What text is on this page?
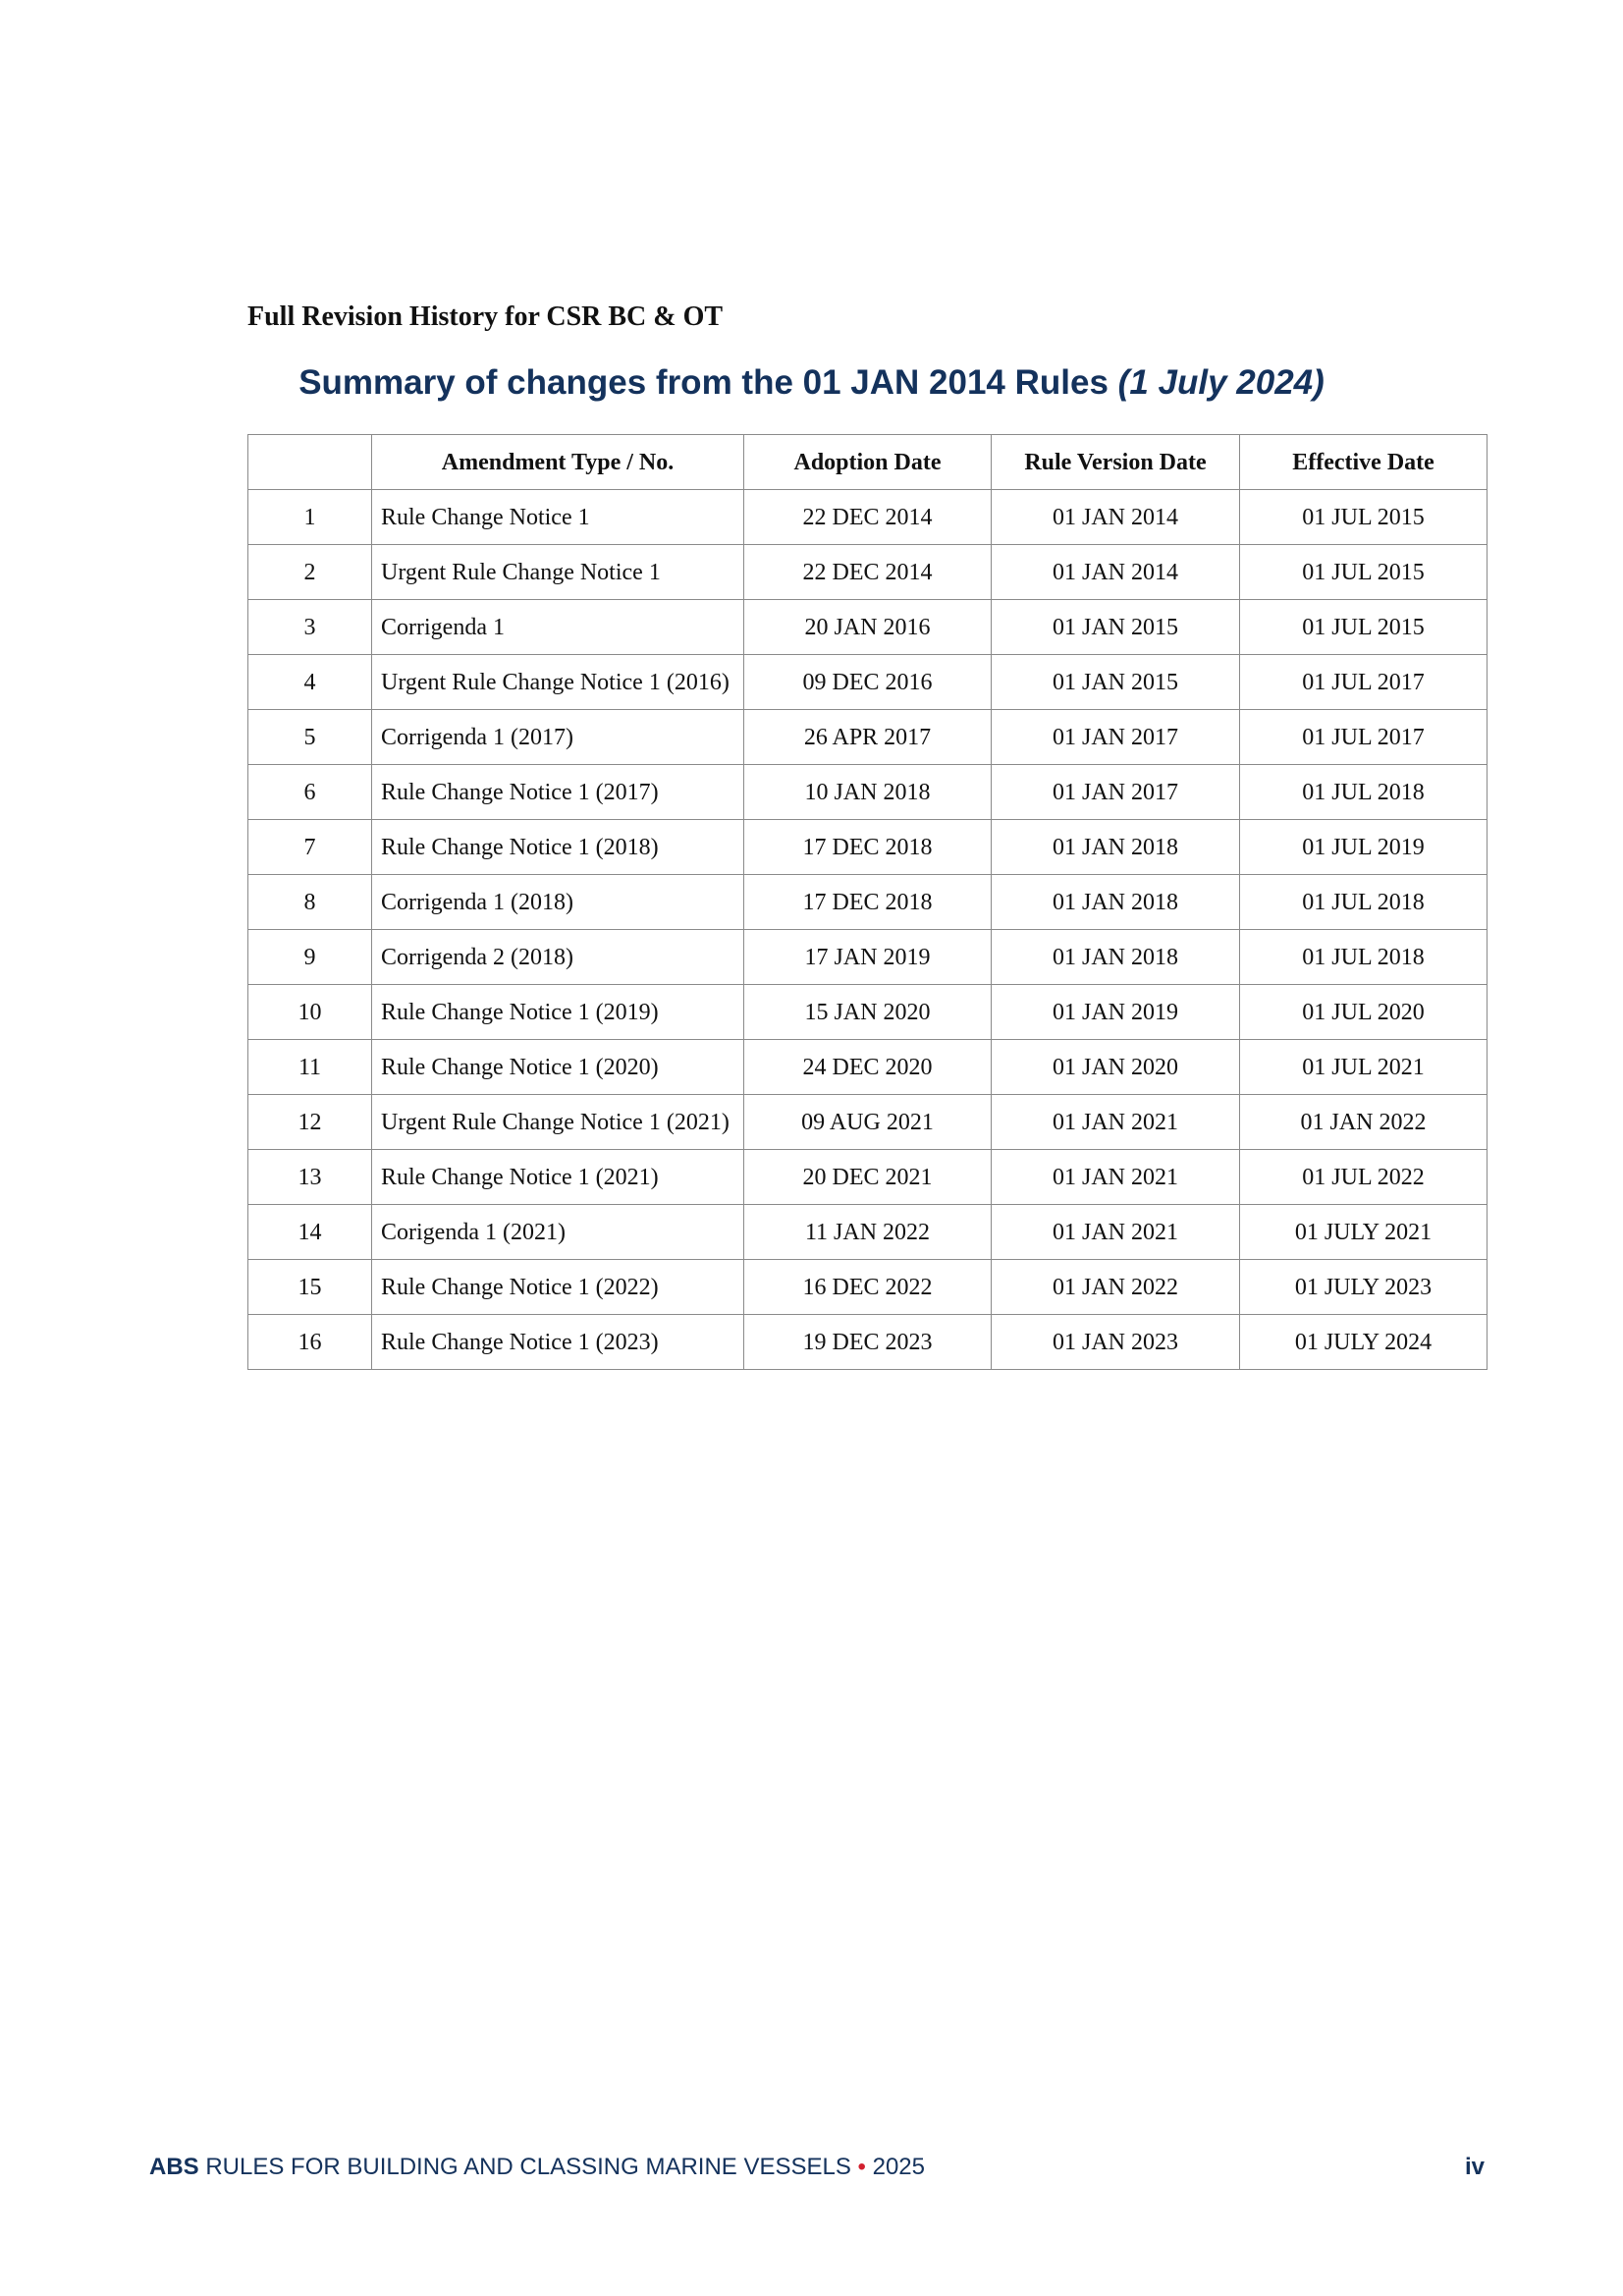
Full Revision History for CSR BC & OT
Summary of changes from the 01 JAN 2014 Rules (1 July 2024)
	Amendment Type / No.	Adoption Date	Rule Version Date	Effective Date
1	Rule Change Notice 1	22 DEC 2014	01 JAN 2014	01 JUL 2015
2	Urgent Rule Change Notice 1	22 DEC 2014	01 JAN 2014	01 JUL 2015
3	Corrigenda 1	20 JAN 2016	01 JAN 2015	01 JUL 2015
4	Urgent Rule Change Notice 1 (2016)	09 DEC 2016	01 JAN 2015	01 JUL 2017
5	Corrigenda 1 (2017)	26 APR 2017	01 JAN 2017	01 JUL 2017
6	Rule Change Notice 1 (2017)	10 JAN 2018	01 JAN 2017	01 JUL 2018
7	Rule Change Notice 1 (2018)	17 DEC 2018	01 JAN 2018	01 JUL 2019
8	Corrigenda 1 (2018)	17 DEC 2018	01 JAN 2018	01 JUL 2018
9	Corrigenda 2 (2018)	17 JAN 2019	01 JAN 2018	01 JUL 2018
10	Rule Change Notice 1 (2019)	15 JAN 2020	01 JAN 2019	01 JUL 2020
11	Rule Change Notice 1 (2020)	24 DEC 2020	01 JAN 2020	01 JUL 2021
12	Urgent Rule Change Notice 1 (2021)	09 AUG 2021	01 JAN 2021	01 JAN 2022
13	Rule Change Notice 1 (2021)	20 DEC 2021	01 JAN 2021	01 JUL 2022
14	Corigenda 1 (2021)	11 JAN 2022	01 JAN 2021	01 JULY 2021
15	Rule Change Notice 1 (2022)	16 DEC 2022	01 JAN 2022	01 JULY 2023
16	Rule Change Notice 1 (2023)	19 DEC 2023	01 JAN 2023	01 JULY 2024
ABS RULES FOR BUILDING AND CLASSING MARINE VESSELS • 2025	iv
